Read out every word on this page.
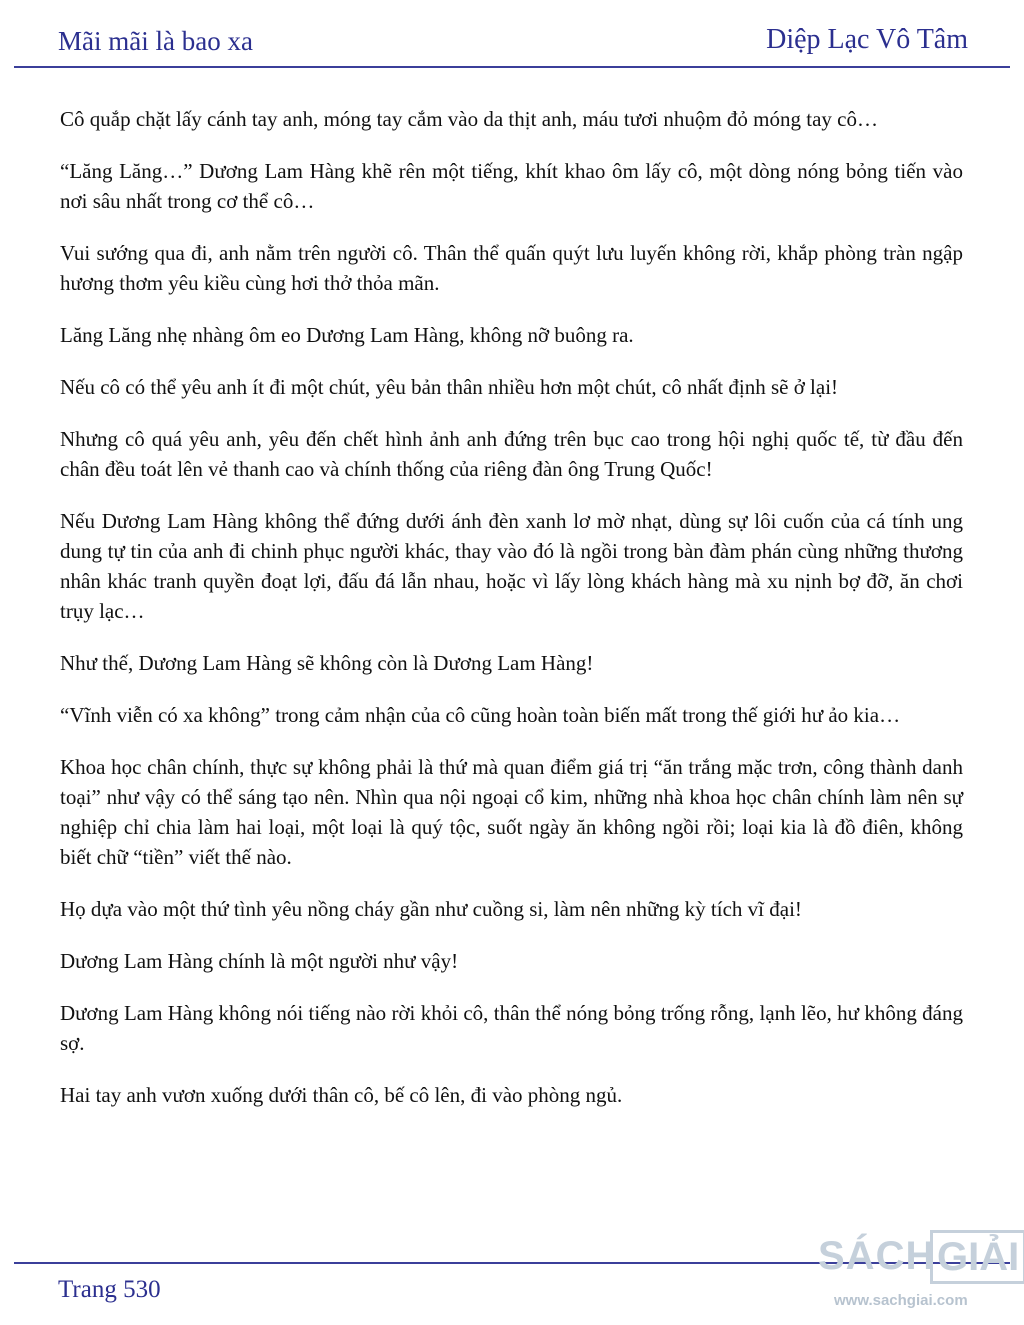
Mãi mãi là bao xa	Diệp Lạc Vô Tâm

Cô quắp chặt lấy cánh tay anh, móng tay cắm vào da thịt anh, máu tươi nhuộm đỏ móng tay cô…

“Lăng Lăng…” Dương Lam Hàng khẽ rên một tiếng, khít khao ôm lấy cô, một dòng nóng bỏng tiến vào nơi sâu nhất trong cơ thể cô…

Vui sướng qua đi, anh nằm trên người cô. Thân thể quấn quýt lưu luyến không rời, khắp phòng tràn ngập hương thơm yêu kiều cùng hơi thở thỏa mãn.

Lăng Lăng nhẹ nhàng ôm eo Dương Lam Hàng, không nỡ buông ra.

Nếu cô có thể yêu anh ít đi một chút, yêu bản thân nhiều hơn một chút, cô nhất định sẽ ở lại!

Nhưng cô quá yêu anh, yêu đến chết hình ảnh anh đứng trên bục cao trong hội nghị quốc tế, từ đầu đến chân đều toát lên vẻ thanh cao và chính thống của riêng đàn ông Trung Quốc!

Nếu Dương Lam Hàng không thể đứng dưới ánh đèn xanh lơ mờ nhạt, dùng sự lôi cuốn của cá tính ung dung tự tin của anh đi chinh phục người khác, thay vào đó là ngồi trong bàn đàm phán cùng những thương nhân khác tranh quyền đoạt lợi, đấu đá lẫn nhau, hoặc vì lấy lòng khách hàng mà xu nịnh bợ đỡ, ăn chơi trụy lạc…

Như thế, Dương Lam Hàng sẽ không còn là Dương Lam Hàng!

“Vĩnh viễn có xa không” trong cảm nhận của cô cũng hoàn toàn biến mất trong thế giới hư ảo kia…

Khoa học chân chính, thực sự không phải là thứ mà quan điểm giá trị “ăn trắng mặc trơn, công thành danh toại” như vậy có thể sáng tạo nên. Nhìn qua nội ngoại cổ kim, những nhà khoa học chân chính làm nên sự nghiệp chỉ chia làm hai loại, một loại là quý tộc, suốt ngày ăn không ngồi rồi; loại kia là đồ điên, không biết chữ “tiền” viết thế nào.

Họ dựa vào một thứ tình yêu nồng cháy gần như cuồng si, làm nên những kỳ tích vĩ đại!

Dương Lam Hàng chính là một người như vậy!

Dương Lam Hàng không nói tiếng nào rời khỏi cô, thân thể nóng bỏng trống rỗng, lạnh lẽo, hư không đáng sợ.

Hai tay anh vươn xuống dưới thân cô, bế cô lên, đi vào phòng ngủ.

Trang 530
SÁCH GIẢI
www.sachgiai.com
